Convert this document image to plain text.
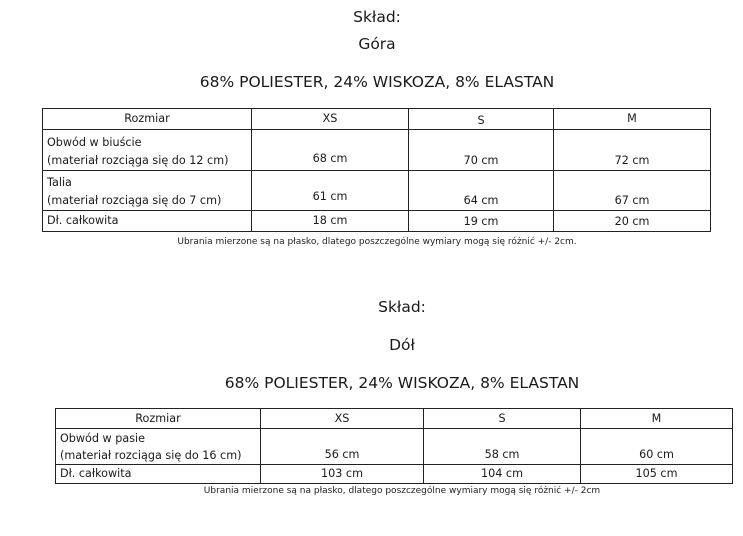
Skład:
Góra
68% POLIESTER, 24% WISKOZA, 8% ELASTAN
Rozmiar	XS	S	M

Obwód w biuście
(materiał rozciąga się do 12 cm)	68 cm	70 cm	72 cm

Talia
(materiał rozciąga się do 7 cm)	61 cm	64 cm	67 cm
Dł. całkowita	18 cm	19 cm	20 cm
Ubrania mierzone są na płasko, dlatego poszczególne wymiary mogą się różnić +/- 2cm.
Skład:
Dół
68% POLIESTER, 24% WISKOZA, 8% ELASTAN
Rozmiar	XS	S	M

Obwód w pasie
(materiał rozciąga się do 16 cm)	56 cm	58 cm	60 cm
Dł. całkowita	103 cm	104 cm	105 cm
Ubrania mierzone są na płasko, dlatego poszczególne wymiary mogą się różnić +/- 2cm
